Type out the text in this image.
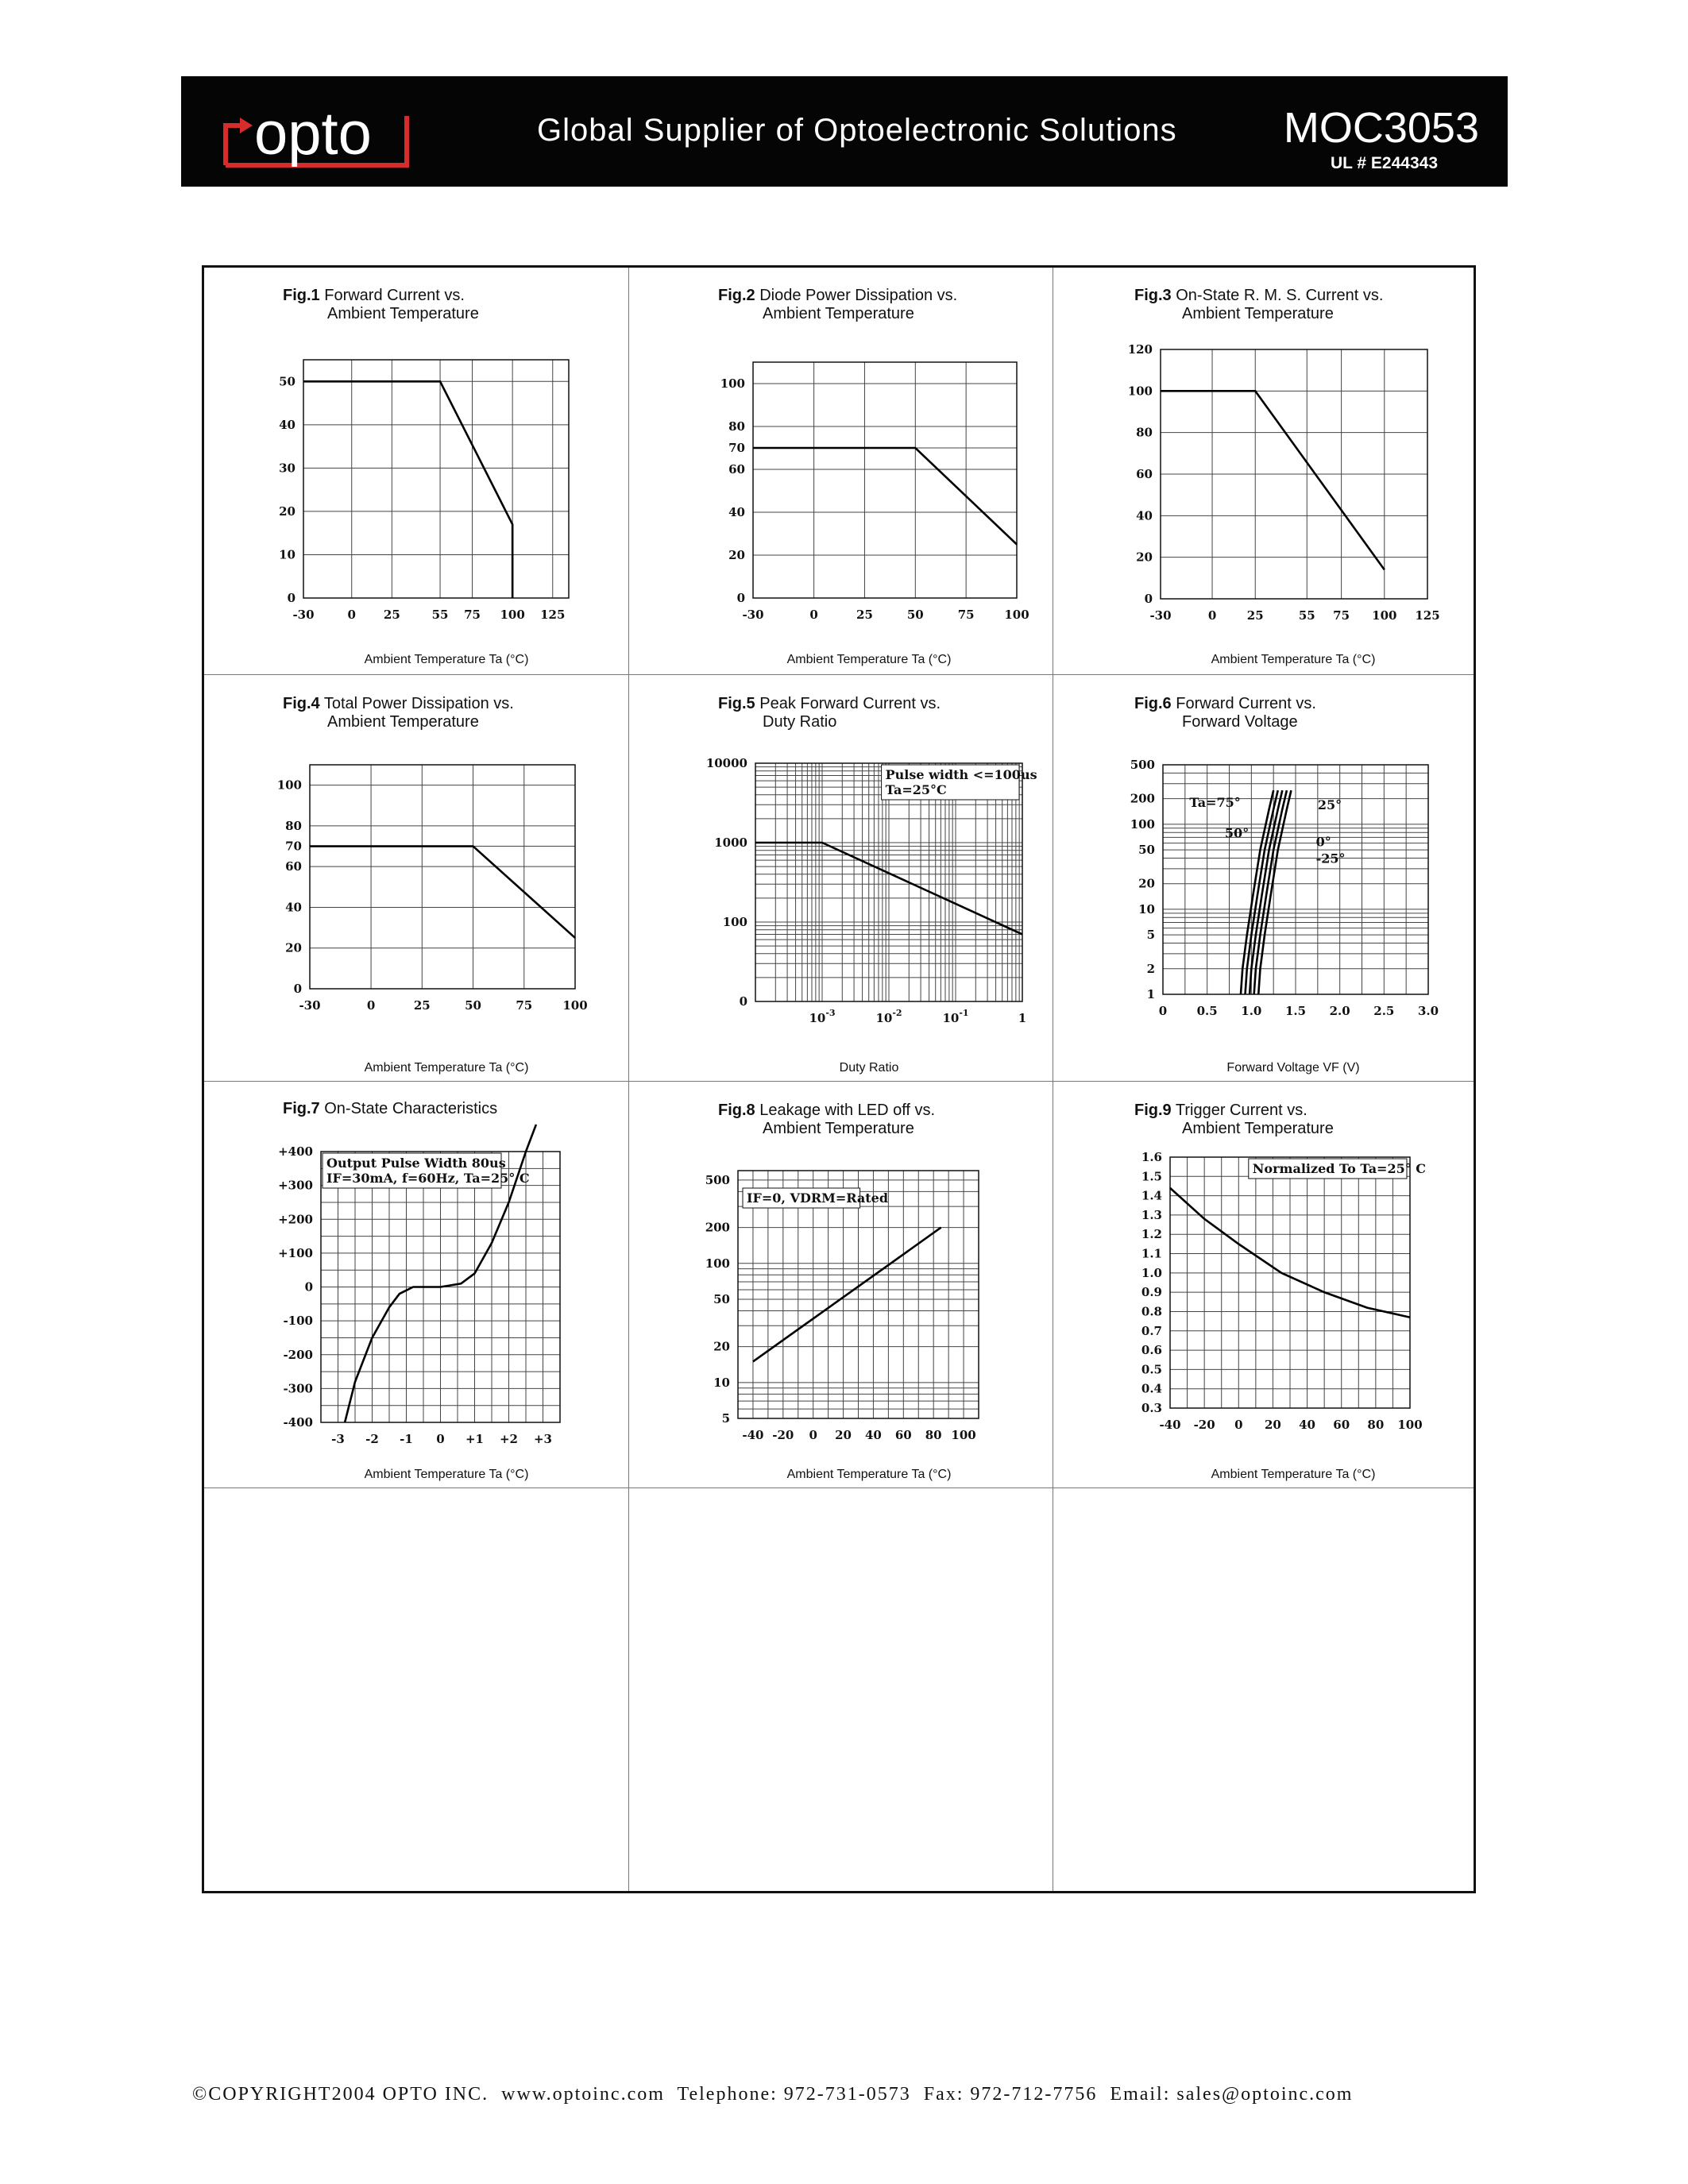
opto	Global Supplier of Optoelectronic Solutions MOC3053
UL # E244343
Fig.1 Forward Current vs.
Ambient Temperature
Ambient Temperature Ta (°C)
-30	0 25	55 75 100 125
0
10
20
30
40
50
Fig.2 Diode Power Dissipation vs.
Ambient Temperature
Ambient Temperature Ta (°C)
-30	0	25	50	75	100
0
20
40
60
70
80
100
Fig.3 On-State R. M. S. Current vs.
Ambient Temperature
Ambient Temperature Ta (°C)
-30	0	25	55 75 100 125
0
20
40
60
80
100
120
Fig.4 Total Power Dissipation vs.
Ambient Temperature
Ambient Temperature Ta (°C)
-30	0	25	50	75	100
0
20
40
60
70
80
100
Fig.5 Peak Forward Current vs.
Duty Ratio
Duty Ratio
$10^{-3}$	$10^{-2}$	$10^{-1}$	1
0
100
1000
10000
Pulse width <=100us
Ta=25°C
Fig.6 Forward Current vs.
Forward Voltage
Forward Voltage VF (V)
0 0.5 1.0 1.5 2.0 2.5 3.0
1
2
5
10
20
50
100
200
500
Ta=75°
50°
25°
0°
-25°
Fig.7 On-State Characteristics
Ambient Temperature Ta (°C)
-3 -2 -1 0 +1 +2 +3
-400
-300
-200
-100
0
+100
+200
+300
+400
Output Pulse Width 80us
IF=30mA, f=60Hz, Ta=25° C
Fig.8 Leakage with LED off vs.
Ambient Temperature
Ambient Temperature Ta (°C)
-40 -20 0 20 40 60 80 100
5
10
20
50
100
200
500
IF=0, VDRM=Rated
Fig.9 Trigger Current vs.
Ambient Temperature
Ambient Temperature Ta (°C)
-40 -20 0 20 40 60 80 100
0.3
0.4
0.5
0.6
0.7
0.8
0.9
1.0
1.1
1.2
1.3
1.4
1.5
1.6
Normalized To Ta=25° C
©COPYRIGHT2004 OPTO INC. www.optoinc.com Telephone: 972-731-0573 Fax: 972-712-7756 Email: sales@optoinc.com
